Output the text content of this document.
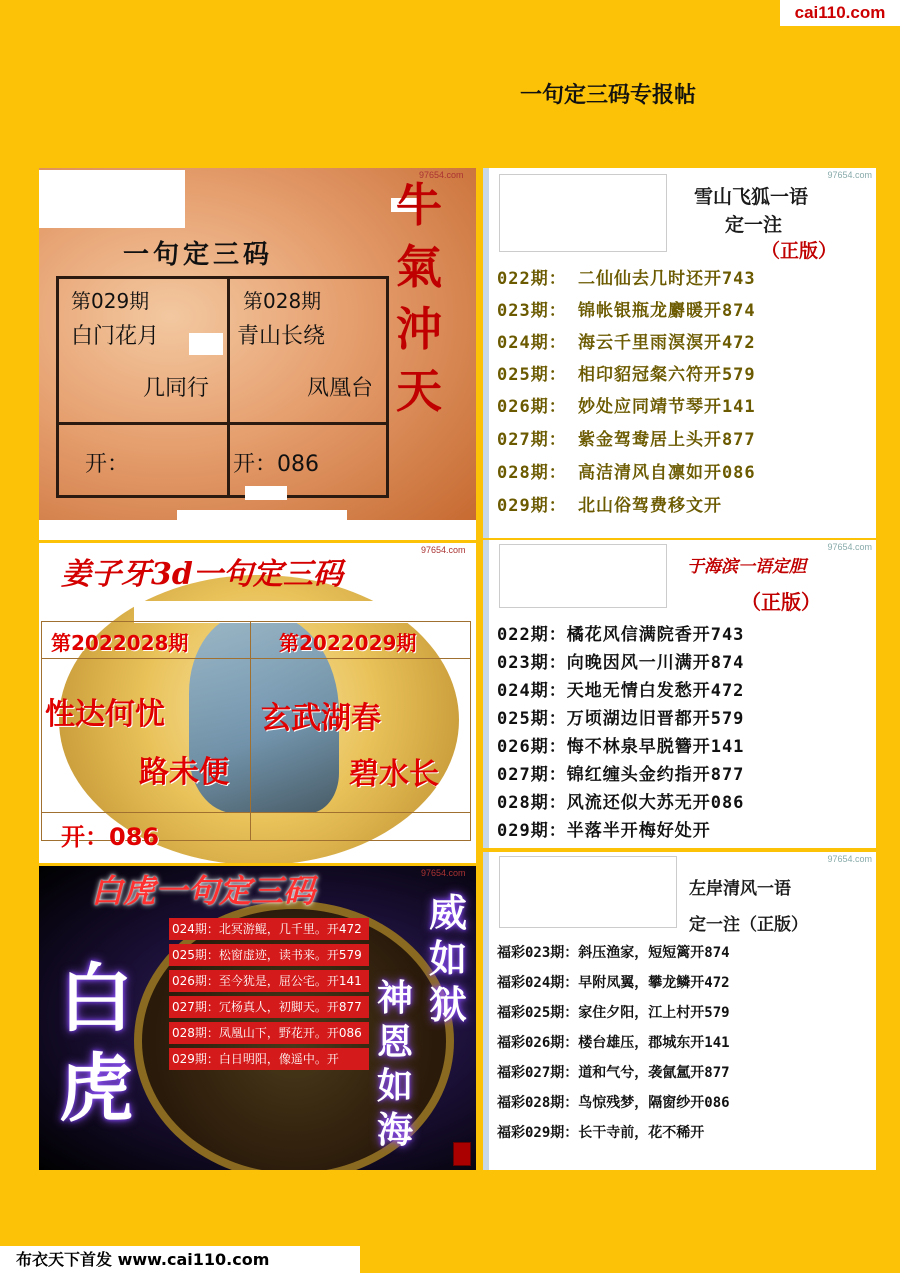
cai110.com
一句定三码专报帖
97654.com
一句定三码
牛
氣
沖
天
第029期
白门花月
几同行
开：
第028期
青山长绕
凤凰台
开：086
97654.com
姜子牙3d一句定三码
第2022028期	第2022029期
性达何忧
路未便
玄武湖春
碧水长
开：086
97654.com
白虎一句定三码
白
虎
威
如
狱
神
恩
如
海
024期：北冥游鲲，几千里。开472
025期：松窗虚迹，读书来。开579
026期：至今犹是，屈公宅。开141
027期：冗杨真人，初脚天。开877
028期：凤凰山下，野花开。开086
029期：白日明阳，像遥中。开
97654.com
雪山飞狐一语
定一注
（正版）
022期： 二仙仙去几时还开743
023期： 锦帐银瓶龙麝暖开874
024期： 海云千里雨溟溟开472
025期： 相印貂冠粲六符开579
026期： 妙处应同靖节琴开141
027期： 紫金驾鸯居上头开877
028期： 高洁清风自凛如开086
029期： 北山俗驾费移文开
97654.com
于海滨一语定胆
（正版）
022期：橘花风信满院香开743
023期：向晚因风一川满开874
024期：天地无情白发愁开472
025期：万顷湖边旧晋都开579
026期：悔不林泉早脱簪开141
027期：锦红缠头金约指开877
028期：风流还似大苏无开086
029期：半落半开梅好处开
97654.com
左岸清风一语
定一注（正版）
福彩023期：斜压渔家，短短篱开874
福彩024期：早附凤翼，攀龙鳞开472
福彩025期：家住夕阳，江上村开579
福彩026期：楼台雄压，郡城东开141
福彩027期：道和气兮，袭氤氲开877
福彩028期：鸟惊残梦，隔窗纱开086
福彩029期：长干寺前，花不稀开
布衣天下首发 www.cai110.com
